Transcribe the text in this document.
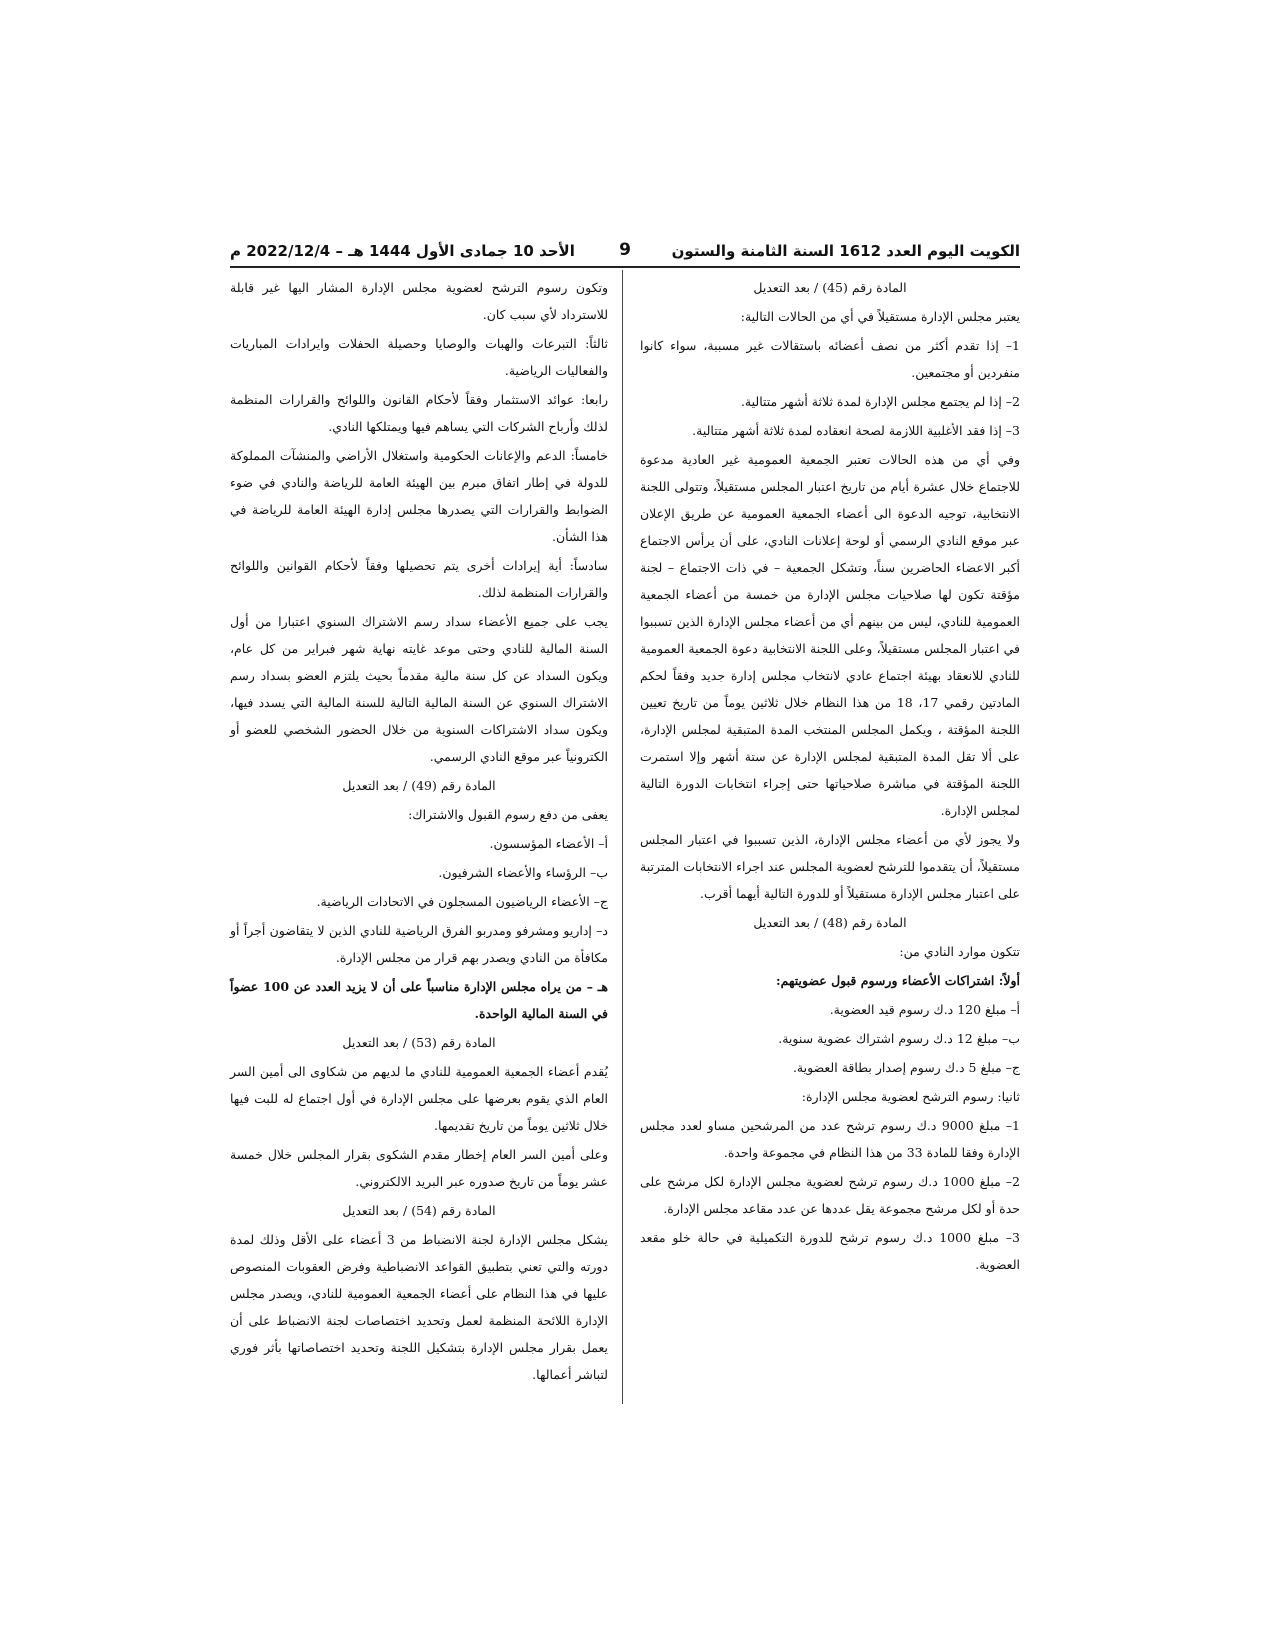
الكويت اليوم العدد 1612 السنة الثامنة والستون
9
الأحد 10 جمادى الأول 1444 هـ – 2022/12/4 م

المادة رقم (45) / بعد التعديل

يعتبر مجلس الإدارة مستقيلاً في أي من الحالات التالية:

1– إذا تقدم أكثر من نصف أعضائه باستقالات غير مسببة، سواء كانوا منفردين أو مجتمعين.

2– إذا لم يجتمع مجلس الإدارة لمدة ثلاثة أشهر متتالية.

3– إذا فقد الأغلبية اللازمة لصحة انعقاده لمدة ثلاثة أشهر متتالية.

وفي أي من هذه الحالات تعتبر الجمعية العمومية غير العادية مدعوة للاجتماع خلال عشرة أيام من تاريخ اعتبار المجلس مستقيلاً، وتتولى اللجنة الانتخابية، توجيه الدعوة الى أعضاء الجمعية العمومية عن طريق الإعلان عبر موقع النادي الرسمي أو لوحة إعلانات النادي، على أن يرأس الاجتماع أكبر الاعضاء الحاضرين سناً، وتشكل الجمعية – في ذات الاجتماع – لجنة مؤقتة تكون لها صلاحيات مجلس الإدارة من خمسة من أعضاء الجمعية العمومية للنادي، ليس من بينهم أي من أعضاء مجلس الإدارة الذين تسببوا في اعتبار المجلس مستقيلاً، وعلى اللجنة الانتخابية دعوة الجمعية العمومية للنادي للانعقاد بهيئة اجتماع عادي لانتخاب مجلس إدارة جديد وفقاً لحكم المادتين رقمي 17، 18 من هذا النظام خلال ثلاثين يوماً من تاريخ تعيين اللجنة المؤقتة ، ويكمل المجلس المنتخب المدة المتبقية لمجلس الإدارة، على ألا تقل المدة المتبقية لمجلس الإدارة عن ستة أشهر وإلا استمرت اللجنة المؤقتة في مباشرة صلاحياتها حتى إجراء انتخابات الدورة التالية لمجلس الإدارة.

ولا يجوز لأي من أعضاء مجلس الإدارة، الذين تسببوا في اعتبار المجلس مستقيلاً، أن يتقدموا للترشح لعضوية المجلس عند اجراء الانتخابات المترتبة على اعتبار مجلس الإدارة مستقيلاً أو للدورة التالية أيهما أقرب.

المادة رقم (48) / بعد التعديل

تتكون موارد النادي من:

أولاً: اشتراكات الأعضاء ورسوم قبول عضويتهم:

أ– مبلغ 120 د.ك رسوم قيد العضوية.

ب– مبلغ 12 د.ك رسوم اشتراك عضوية سنوية.

ج– مبلغ 5 د.ك رسوم إصدار بطاقة العضوية.

ثانيا: رسوم الترشح لعضوية مجلس الإدارة:

1– مبلغ 9000 د.ك رسوم ترشح عدد من المرشحين مساو لعدد مجلس الإدارة وفقا للمادة 33 من هذا النظام في مجموعة واحدة.

2– مبلغ 1000 د.ك رسوم ترشح لعضوية مجلس الإدارة لكل مرشح على حدة أو لكل مرشح مجموعة يقل عددها عن عدد مقاعد مجلس الإدارة.

3– مبلغ 1000 د.ك رسوم ترشح للدورة التكميلية في حالة خلو مقعد العضوية.

وتكون رسوم الترشح لعضوية مجلس الإدارة المشار اليها غير قابلة للاسترداد لأي سبب كان.

ثالثاً: التبرعات والهبات والوصايا وحصيلة الحفلات وايرادات المباريات والفعاليات الرياضية.

رابعا: عوائد الاستثمار وفقاً لأحكام القانون واللوائح والقرارات المنظمة لذلك وأرباح الشركات التي يساهم فيها ويمتلكها النادي.

خامساً: الدعم والإعانات الحكومية واستغلال الأراضي والمنشآت المملوكة للدولة في إطار اتفاق مبرم بين الهيئة العامة للرياضة والنادي في ضوء الضوابط والقرارات التي يصدرها مجلس إدارة الهيئة العامة للرياضة في هذا الشأن.

سادساً: أية إيرادات أخرى يتم تحصيلها وفقاً لأحكام القوانين واللوائح والقرارات المنظمة لذلك.

يجب على جميع الأعضاء سداد رسم الاشتراك السنوي اعتبارا من أول السنة المالية للنادي وحتى موعد غايته نهاية شهر فبراير من كل عام، ويكون السداد عن كل سنة مالية مقدماً بحيث يلتزم العضو بسداد رسم الاشتراك السنوي عن السنة المالية التالية للسنة المالية التي يسدد فيها، ويكون سداد الاشتراكات السنوية من خلال الحضور الشخصي للعضو أو الكترونياً عبر موقع النادي الرسمي.

المادة رقم (49) / بعد التعديل

يعفى من دفع رسوم القبول والاشتراك:

أ– الأعضاء المؤسسون.

ب– الرؤساء والأعضاء الشرفيون.

ج– الأعضاء الرياضيون المسجلون في الاتحادات الرياضية.

د– إداريو ومشرفو ومدربو الفرق الرياضية للنادي الذين لا يتقاضون أجراً أو مكافأة من النادي ويصدر بهم قرار من مجلس الإدارة.

هـ – من يراه مجلس الإدارة مناسباً على أن لا يزيد العدد عن 100 عضواً في السنة المالية الواحدة.

المادة رقم (53) / بعد التعديل

يُقدم أعضاء الجمعية العمومية للنادي ما لديهم من شكاوى الى أمين السر العام الذي يقوم بعرضها على مجلس الإدارة في أول اجتماع له للبت فيها خلال ثلاثين يوماً من تاريخ تقديمها.

وعلى أمين السر العام إخطار مقدم الشكوى بقرار المجلس خلال خمسة عشر يوماً من تاريخ صدوره عبر البريد الالكتروني.

المادة رقم (54) / بعد التعديل

يشكل مجلس الإدارة لجنة الانضباط من 3 أعضاء على الأقل وذلك لمدة دورته والتي تعني بتطبيق القواعد الانضباطية وفرض العقوبات المنصوص عليها في هذا النظام على أعضاء الجمعية العمومية للنادي، ويصدر مجلس الإدارة اللائحة المنظمة لعمل وتحديد اختصاصات لجنة الانضباط على أن يعمل بقرار مجلس الإدارة بتشكيل اللجنة وتحديد اختصاصاتها بأثر فوري لتباشر أعمالها.
